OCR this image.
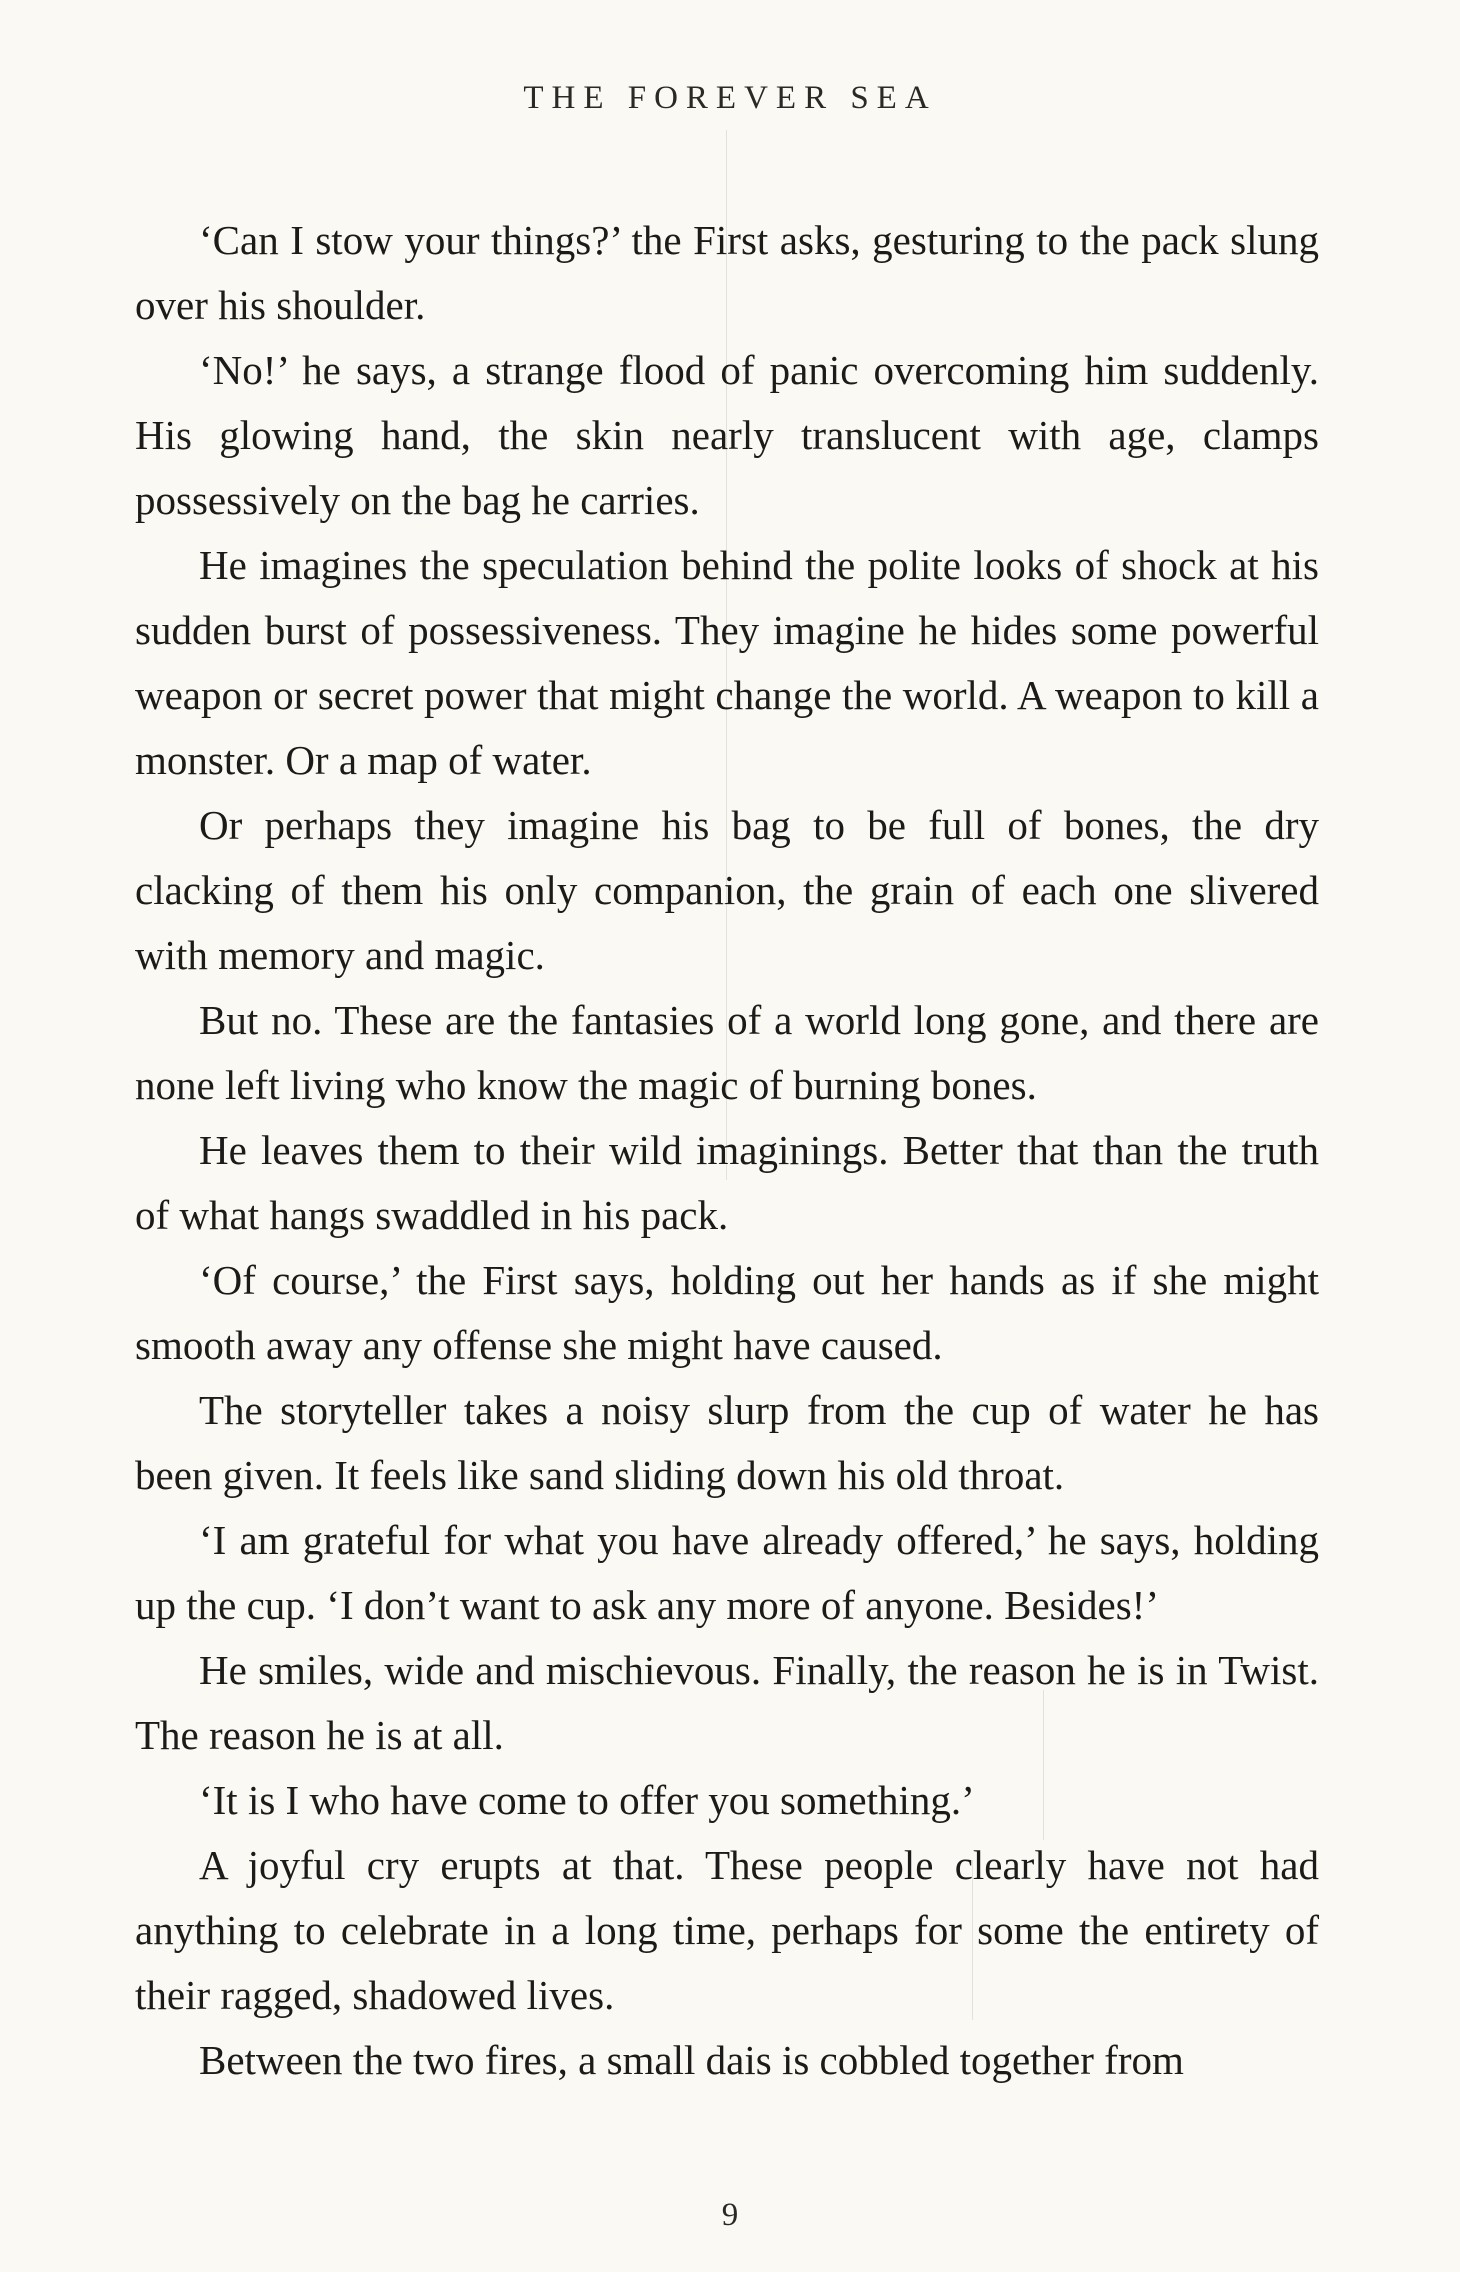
THE FOREVER SEA

‘Can I stow your things?’ the First asks, gesturing to the pack slung over his shoulder.

‘No!’ he says, a strange flood of panic overcoming him suddenly. His glowing hand, the skin nearly translucent with age, clamps possessively on the bag he carries.

He imagines the speculation behind the polite looks of shock at his sudden burst of possessiveness. They imagine he hides some powerful weapon or secret power that might change the world. A weapon to kill a monster. Or a map of water.

Or perhaps they imagine his bag to be full of bones, the dry clacking of them his only companion, the grain of each one slivered with memory and magic.

But no. These are the fantasies of a world long gone, and there are none left living who know the magic of burning bones.

He leaves them to their wild imaginings. Better that than the truth of what hangs swaddled in his pack.

‘Of course,’ the First says, holding out her hands as if she might smooth away any offense she might have caused.

The storyteller takes a noisy slurp from the cup of water he has been given. It feels like sand sliding down his old throat.

‘I am grateful for what you have already offered,’ he says, holding up the cup. ‘I don’t want to ask any more of anyone. Besides!’

He smiles, wide and mischievous. Finally, the reason he is in Twist. The reason he is at all.

‘It is I who have come to offer you something.’

A joyful cry erupts at that. These people clearly have not had anything to celebrate in a long time, perhaps for some the entirety of their ragged, shadowed lives.

Between the two fires, a small dais is cobbled together from

9
